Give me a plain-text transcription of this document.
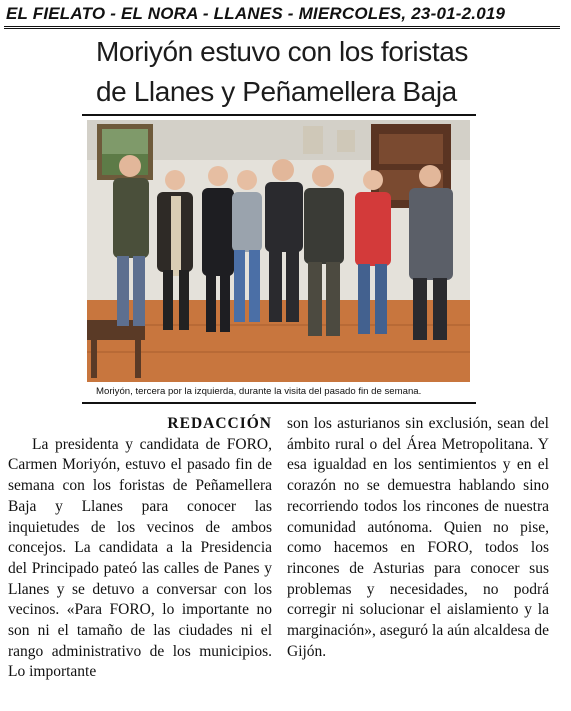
EL FIELATO - EL NORA - LLANES - MIERCOLES, 23-01-2.019
Moriyón estuvo con los foristas
de Llanes y Peñamellera Baja
Moriyón, tercera por la izquierda, durante la visita del pasado fin de semana.

REDACCIÓN

La presidenta y candidata de FORO, Carmen Moriyón, estuvo el pasado fin de semana con los foristas de Peñamellera Baja y Llanes para conocer las inquietudes de los vecinos de ambos concejos. La candidata a la Presidencia del Principado pateó las calles de Panes y Llanes y se detuvo a conversar con los vecinos. «Para FORO, lo importante no son ni el tamaño de las ciudades ni el rango administrativo de los municipios. Lo importante

son los asturianos sin exclusión, sean del ámbito rural o del Área Metropolitana. Y esa igualdad en los sentimientos y en el corazón no se demuestra hablando sino recorriendo todos los rincones de nuestra comunidad autónoma. Quien no pise, como hacemos en FORO, todos los rincones de Asturias para conocer sus problemas y necesidades, no podrá corregir ni solucionar el aislamiento y la marginación», aseguró la aún alcaldesa de Gijón.
